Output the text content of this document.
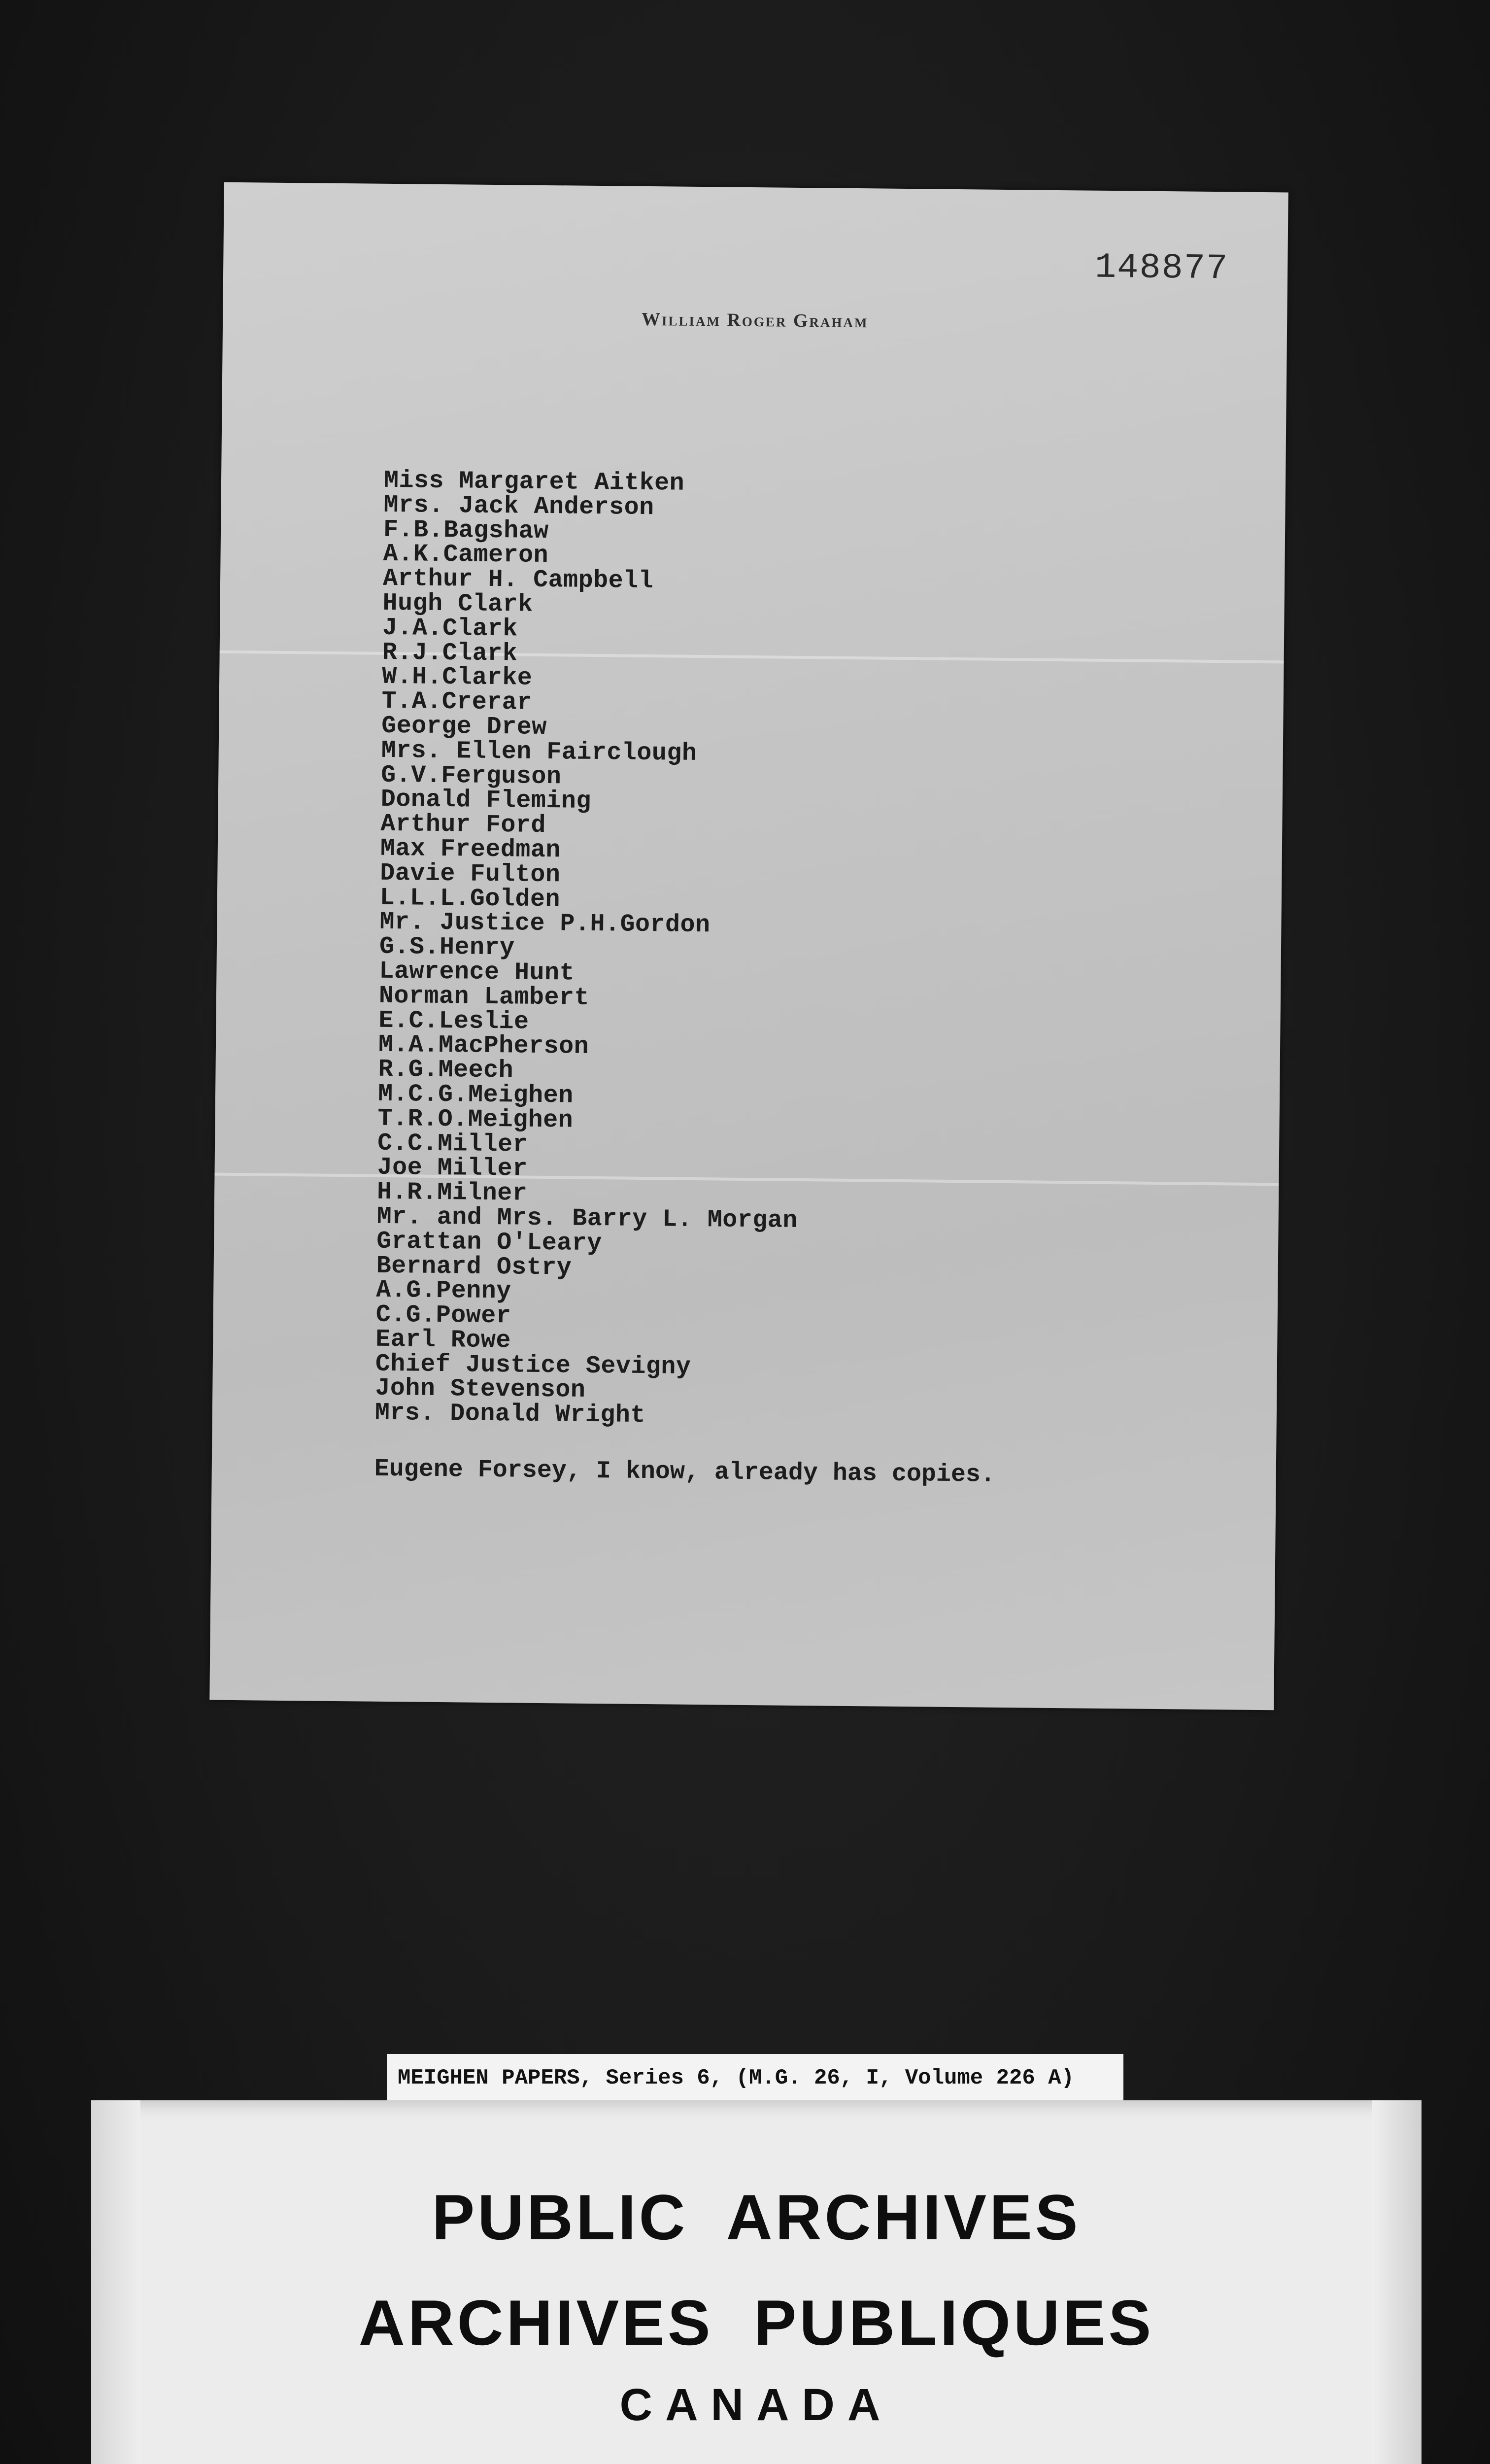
148877
William Roger Graham
Miss Margaret Aitken
Mrs. Jack Anderson
F.B.Bagshaw
A.K.Cameron
Arthur H. Campbell
Hugh Clark
J.A.Clark
R.J.Clark
W.H.Clarke
T.A.Crerar
George Drew
Mrs. Ellen Fairclough
G.V.Ferguson
Donald Fleming
Arthur Ford
Max Freedman
Davie Fulton
L.L.L.Golden
Mr. Justice P.H.Gordon
G.S.Henry
Lawrence Hunt
Norman Lambert
E.C.Leslie
M.A.MacPherson
R.G.Meech
M.C.G.Meighen
T.R.O.Meighen
C.C.Miller
Joe Miller
H.R.Milner
Mr. and Mrs. Barry L. Morgan
Grattan O'Leary
Bernard Ostry
A.G.Penny
C.G.Power
Earl Rowe
Chief Justice Sevigny
John Stevenson
Mrs. Donald Wright
Eugene Forsey, I know, already has copies.
MEIGHEN PAPERS, Series 6, (M.G. 26, I, Volume 226 A)
PUBLIC ARCHIVES
ARCHIVES PUBLIQUES
CANADA
